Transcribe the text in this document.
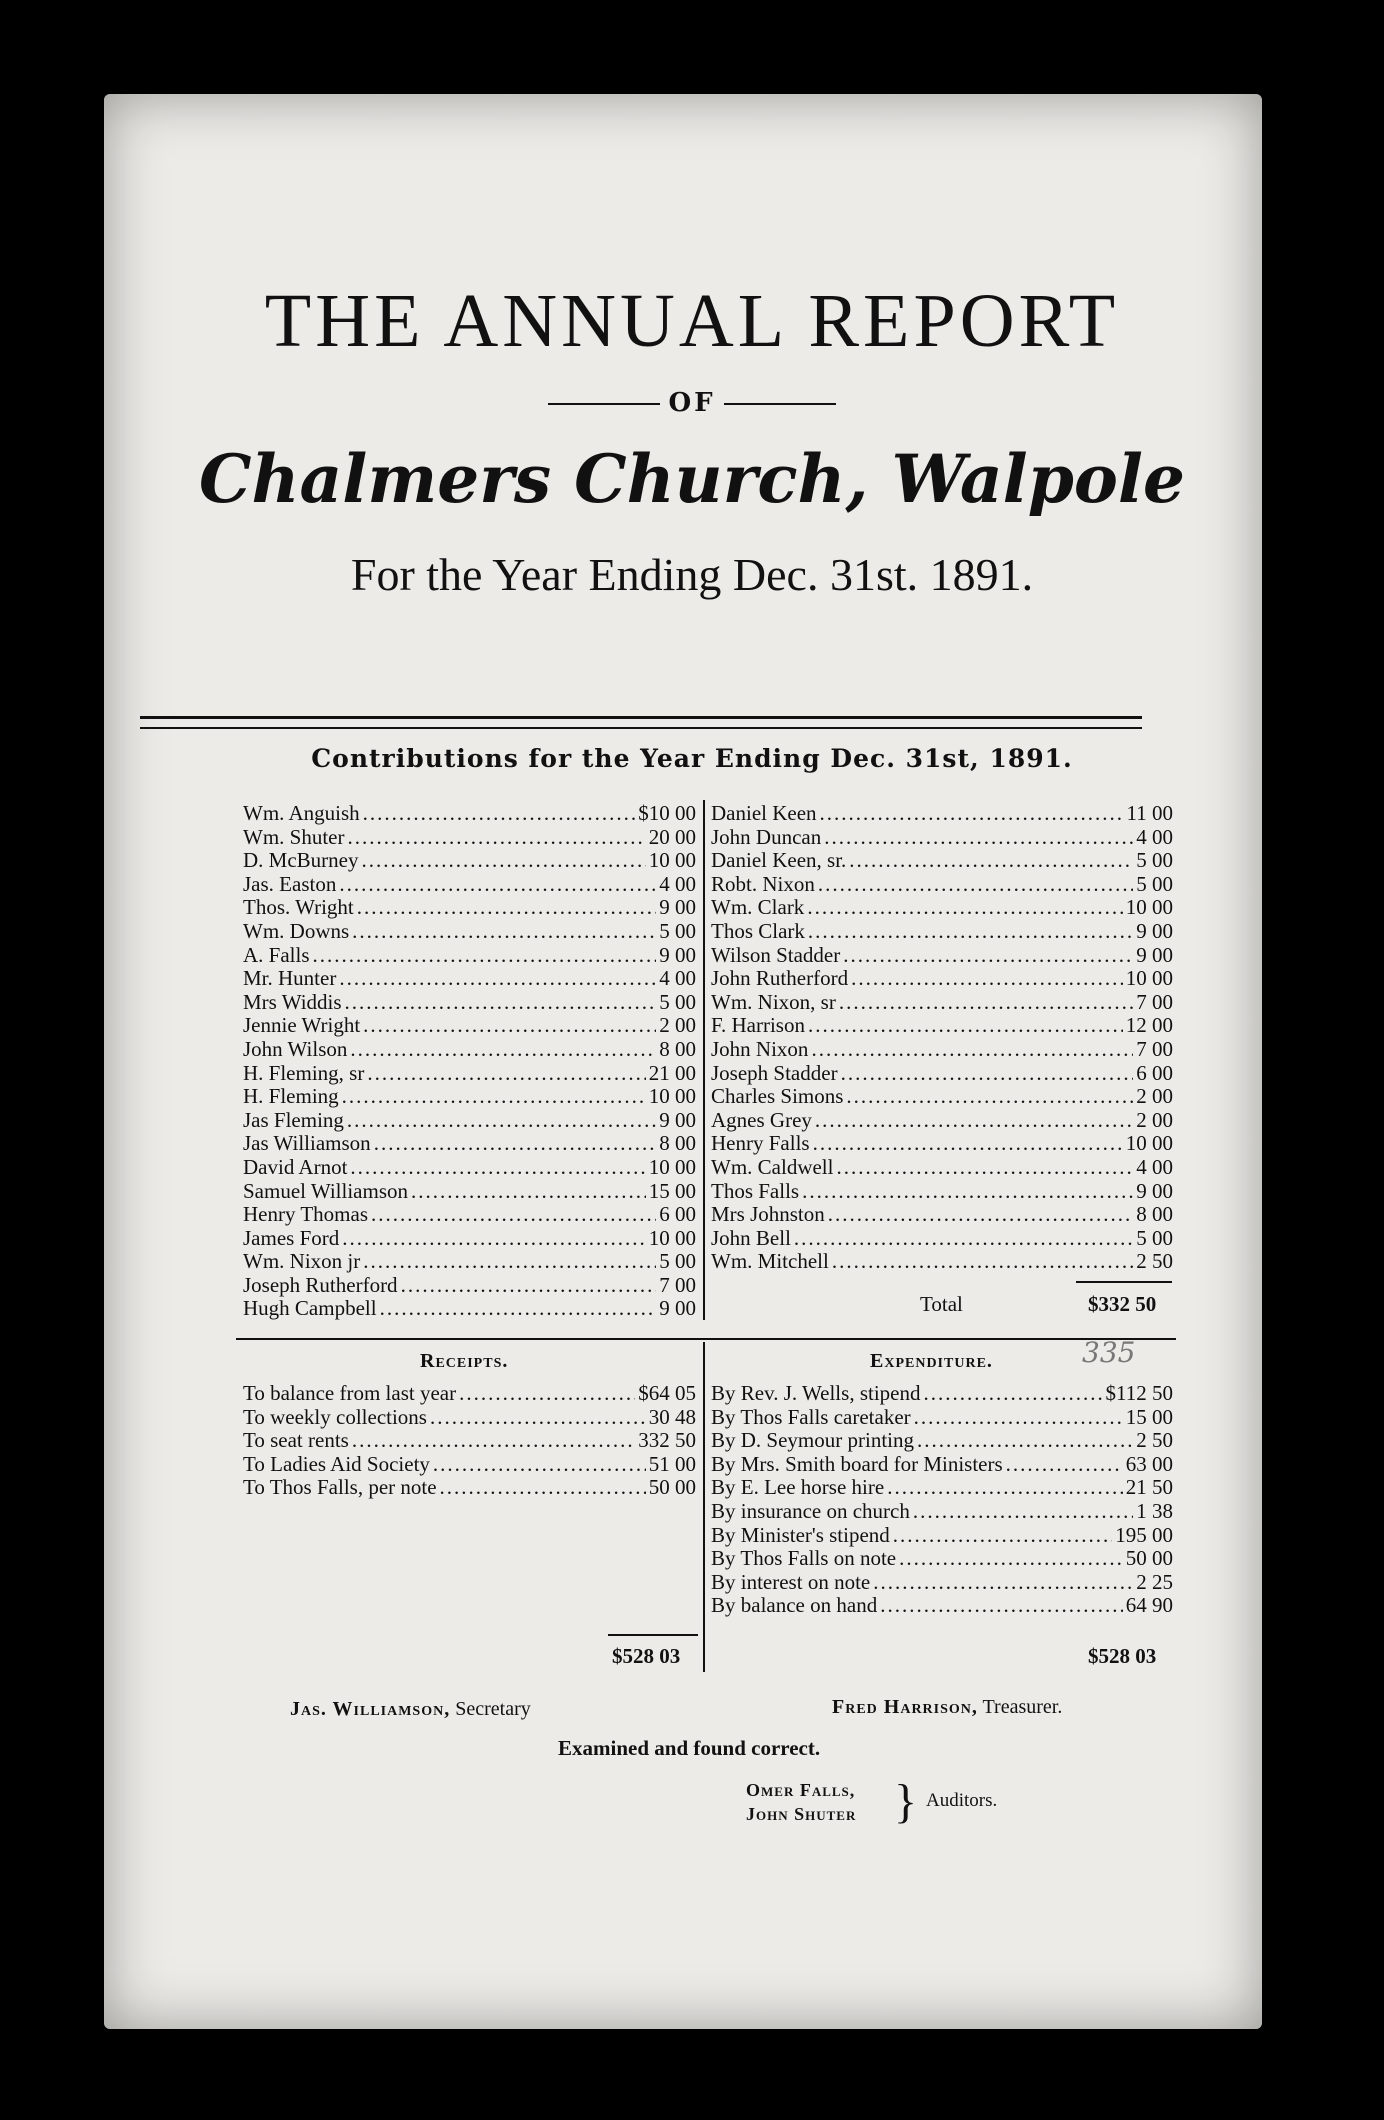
THE ANNUAL REPORT
OF
Chalmers Church, Walpole
For the Year Ending Dec. 31st. 1891.
Contributions for the Year Ending Dec. 31st, 1891.
Wm. Anguish .....	$10 00
Wm. Shuter .....	20 00
D. McBurney .....	10 00
Jas. Easton .....	4 00
Thos. Wright .....	9 00
Wm. Downs .....	5 00
A. Falls .....	9 00
Mr. Hunter .....	4 00
Mrs Widdis .....	5 00
Jennie Wright .....	2 00
John Wilson .....	8 00
H. Fleming, sr .....	21 00
H. Fleming .....	10 00
Jas Fleming .....	9 00
Jas Williamson .....	8 00
David Arnot .....	10 00
Samuel Williamson .....	15 00
Henry Thomas .....	6 00
James Ford .....	10 00
Wm. Nixon jr .....	5 00
Joseph Rutherford .....	7 00
Hugh Campbell .....	9 00
Daniel Keen .....	11 00
John Duncan .....	4 00
Daniel Keen, sr. .....	5 00
Robt. Nixon .....	5 00
Wm. Clark .....	10 00
Thos Clark .....	9 00
Wilson Stadder .....	9 00
John Rutherford .....	10 00
Wm. Nixon, sr .....	7 00
F. Harrison .....	12 00
John Nixon .....	7 00
Joseph Stadder .....	6 00
Charles Simons .....	2 00
Agnes Grey .....	2 00
Henry Falls .....	10 00
Wm. Caldwell .....	4 00
Thos Falls .....	9 00
Mrs Johnston .....	8 00
John Bell .....	5 00
Wm. Mitchell .....	2 50
Total	$332 50
Receipts.	Expenditure.	335
To balance from last year .....	$64 05
To weekly collections .....	30 48
To seat rents .....	332 50
To Ladies Aid Society .....	51 00
To Thos Falls, per note .....	50 00
By Rev. J. Wells, stipend .....	$112 50
By Thos Falls caretaker .....	15 00
By D. Seymour printing .....	2 50
By Mrs. Smith board for Ministers .....	63 00
By E. Lee horse hire .....	21 50
By insurance on church .....	1 38
By Minister's stipend .....	195 00
By Thos Falls on note .....	50 00
By interest on note .....	2 25
By balance on hand .....	64 90
$528 03	$528 03
Jas. Williamson, Secretary	Fred Harrison, Treasurer.
Examined and found correct.
Omer Falls,
John Shuter } Auditors.
